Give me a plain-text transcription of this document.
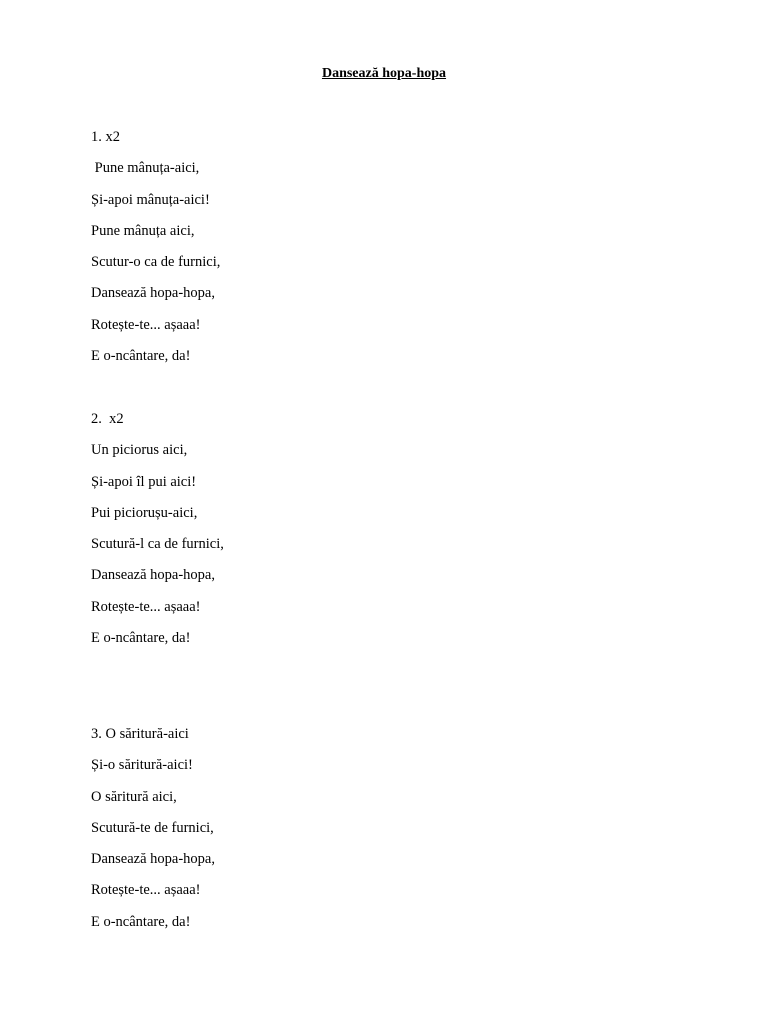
Dansează hopa-hopa
1. x2
Pune mânuța-aici,
Și-apoi mânuța-aici!
Pune mânuța aici,
Scutur-o ca de furnici,
Dansează hopa-hopa,
Rotește-te... așaaa!
E o-ncântare, da!
2.  x2
Un piciorus aici,
Și-apoi îl pui aici!
Pui piciorușu-aici,
Scutură-l ca de furnici,
Dansează hopa-hopa,
Rotește-te... așaaa!
E o-ncântare, da!
3. O săritură-aici
Și-o săritură-aici!
O săritură aici,
Scutură-te de furnici,
Dansează hopa-hopa,
Rotește-te... așaaa!
E o-ncântare, da!
